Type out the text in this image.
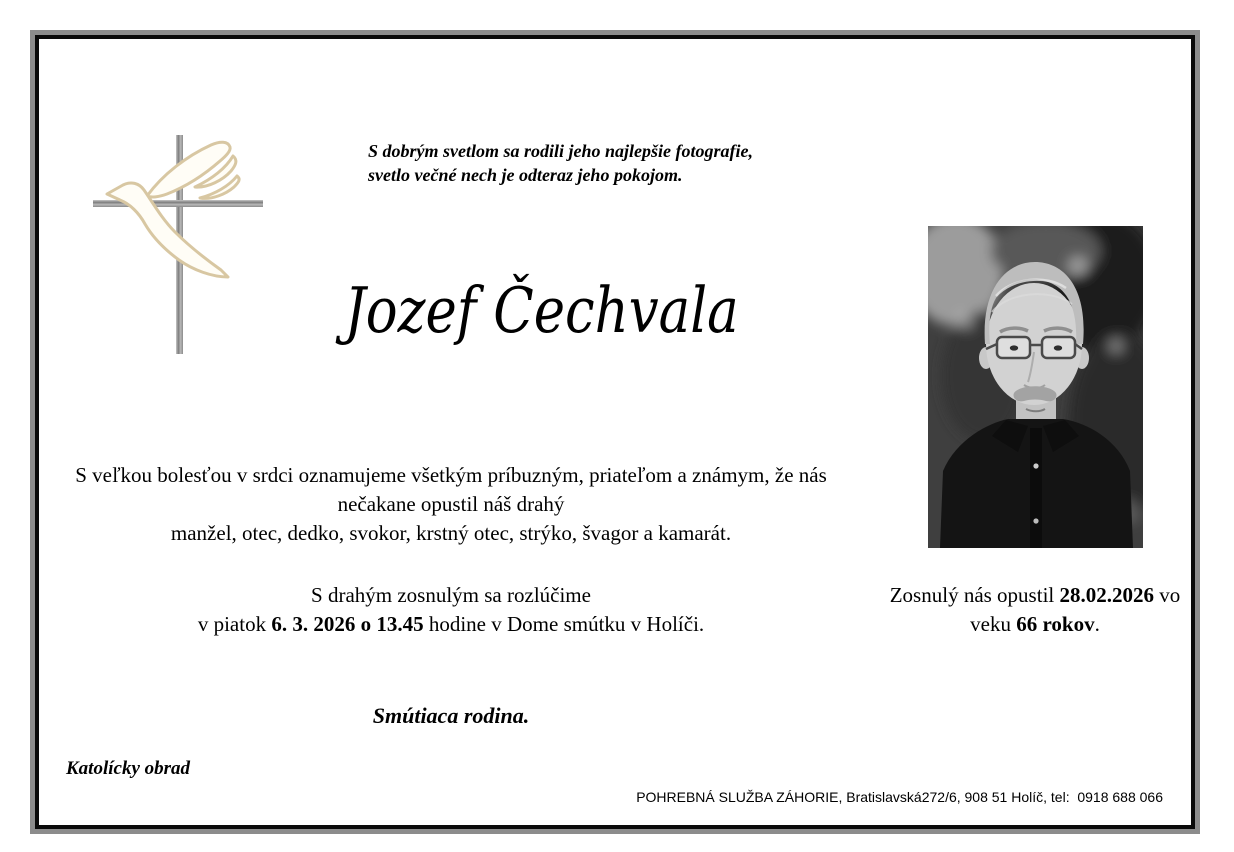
S dobrým svetlom sa rodili jeho najlepšie fotografie,
svetlo večné nech je odteraz jeho pokojom.
Jozef Čechvala
S veľkou bolesťou v srdci oznamujeme všetkým príbuzným, priateľom a známym, že nás
nečakane opustil náš drahý
manžel, otec, dedko, svokor, krstný otec, strýko, švagor a kamarát.
S drahým zosnulým sa rozlúčime
v piatok 6. 3. 2026 o 13.45 hodine v Dome smútku v Holíči.
Zosnulý nás opustil 28.02.2026 vo
veku 66 rokov.
Smútiaca rodina.
Katolícky obrad
POHREBNÁ SLUŽBA ZÁHORIE, Bratislavská272/6, 908 51 Holíč, tel:  0918 688 066
